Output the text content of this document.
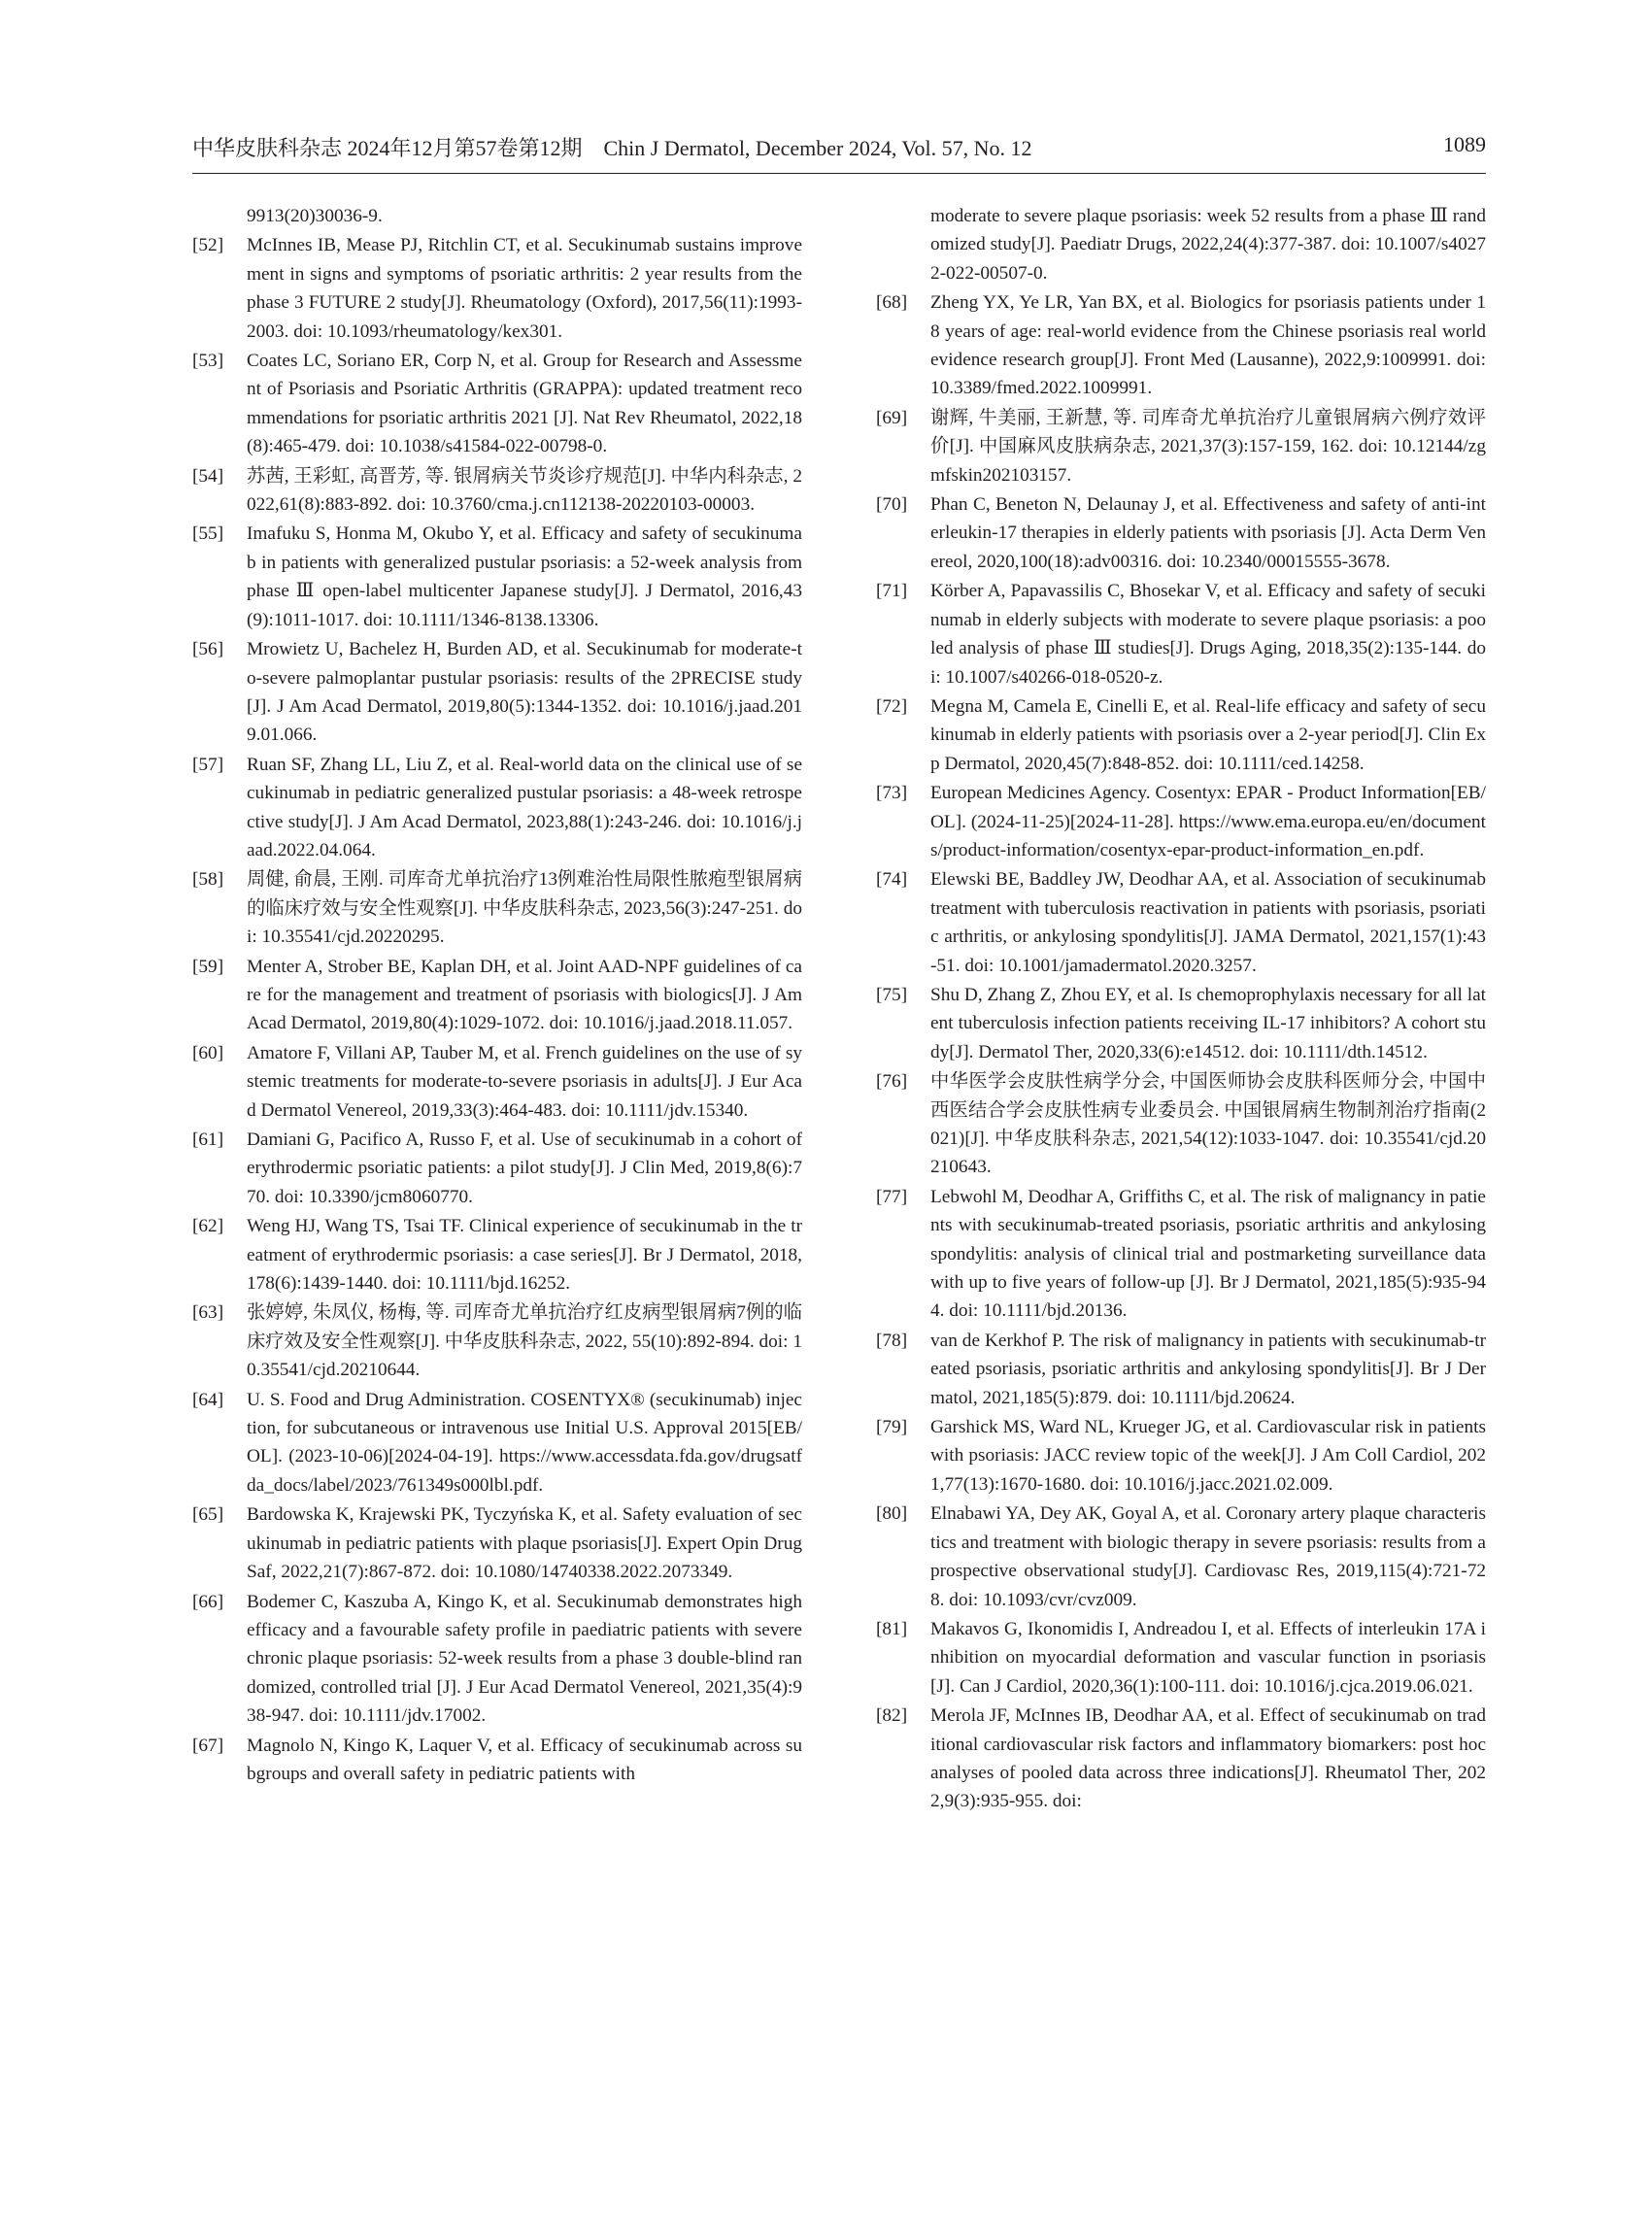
中华皮肤科杂志 2024年12月第57卷第12期　Chin J Dermatol, December 2024, Vol. 57, No. 12	1089
9913(20)30036-9.
[52] McInnes IB, Mease PJ, Ritchlin CT, et al. Secukinumab sustains improvement in signs and symptoms of psoriatic arthritis: 2 year results from the phase 3 FUTURE 2 study[J]. Rheumatology (Oxford), 2017,56(11):1993-2003. doi: 10.1093/rheumatology/kex301.
[53] Coates LC, Soriano ER, Corp N, et al. Group for Research and Assessment of Psoriasis and Psoriatic Arthritis (GRAPPA): updated treatment recommendations for psoriatic arthritis 2021 [J]. Nat Rev Rheumatol, 2022,18(8):465-479. doi: 10.1038/s41584-022-00798-0.
[54] 苏茜, 王彩虹, 高晋芳, 等. 银屑病关节炎诊疗规范[J]. 中华内科杂志, 2022,61(8):883-892. doi: 10.3760/cma.j.cn112138-20220103-00003.
[55] Imafuku S, Honma M, Okubo Y, et al. Efficacy and safety of secukinumab in patients with generalized pustular psoriasis: a 52-week analysis from phase Ⅲ open-label multicenter Japanese study[J]. J Dermatol, 2016,43(9):1011-1017. doi: 10.1111/1346-8138.13306.
[56] Mrowietz U, Bachelez H, Burden AD, et al. Secukinumab for moderate-to-severe palmoplantar pustular psoriasis: results of the 2PRECISE study[J]. J Am Acad Dermatol, 2019,80(5):1344-1352. doi: 10.1016/j.jaad.2019.01.066.
[57] Ruan SF, Zhang LL, Liu Z, et al. Real-world data on the clinical use of secukinumab in pediatric generalized pustular psoriasis: a 48-week retrospective study[J]. J Am Acad Dermatol, 2023,88(1):243-246. doi: 10.1016/j.jaad.2022.04.064.
[58] 周健, 俞晨, 王刚. 司库奇尤单抗治疗13例难治性局限性脓疱型银屑病的临床疗效与安全性观察[J]. 中华皮肤科杂志, 2023,56(3):247-251. doi: 10.35541/cjd.20220295.
[59] Menter A, Strober BE, Kaplan DH, et al. Joint AAD-NPF guidelines of care for the management and treatment of psoriasis with biologics[J]. J Am Acad Dermatol, 2019,80(4):1029-1072. doi: 10.1016/j.jaad.2018.11.057.
[60] Amatore F, Villani AP, Tauber M, et al. French guidelines on the use of systemic treatments for moderate-to-severe psoriasis in adults[J]. J Eur Acad Dermatol Venereol, 2019,33(3):464-483. doi: 10.1111/jdv.15340.
[61] Damiani G, Pacifico A, Russo F, et al. Use of secukinumab in a cohort of erythrodermic psoriatic patients: a pilot study[J]. J Clin Med, 2019,8(6):770. doi: 10.3390/jcm8060770.
[62] Weng HJ, Wang TS, Tsai TF. Clinical experience of secukinumab in the treatment of erythrodermic psoriasis: a case series[J]. Br J Dermatol, 2018,178(6):1439-1440. doi: 10.1111/bjd.16252.
[63] 张婷婷, 朱凤仪, 杨梅, 等. 司库奇尤单抗治疗红皮病型银屑病7例的临床疗效及安全性观察[J]. 中华皮肤科杂志, 2022, 55(10):892-894. doi: 10.35541/cjd.20210644.
[64] U. S. Food and Drug Administration. COSENTYX® (secukinumab) injection, for subcutaneous or intravenous use Initial U.S. Approval 2015[EB/OL]. (2023-10-06)[2024-04-19]. https://www.accessdata.fda.gov/drugsatfda_docs/label/2023/761349s000lbl.pdf.
[65] Bardowska K, Krajewski PK, Tyczyńska K, et al. Safety evaluation of secukinumab in pediatric patients with plaque psoriasis[J]. Expert Opin Drug Saf, 2022,21(7):867-872. doi: 10.1080/14740338.2022.2073349.
[66] Bodemer C, Kaszuba A, Kingo K, et al. Secukinumab demonstrates high efficacy and a favourable safety profile in paediatric patients with severe chronic plaque psoriasis: 52-week results from a phase 3 double-blind randomized, controlled trial [J]. J Eur Acad Dermatol Venereol, 2021,35(4):938-947. doi: 10.1111/jdv.17002.
[67] Magnolo N, Kingo K, Laquer V, et al. Efficacy of secukinumab across subgroups and overall safety in pediatric patients with
moderate to severe plaque psoriasis: week 52 results from a phase Ⅲ randomized study[J]. Paediatr Drugs, 2022,24(4):377-387. doi: 10.1007/s40272-022-00507-0.
[68] Zheng YX, Ye LR, Yan BX, et al. Biologics for psoriasis patients under 18 years of age: real-world evidence from the Chinese psoriasis real world evidence research group[J]. Front Med (Lausanne), 2022,9:1009991. doi: 10.3389/fmed.2022.1009991.
[69] 谢辉, 牛美丽, 王新慧, 等. 司库奇尤单抗治疗儿童银屑病六例疗效评价[J]. 中国麻风皮肤病杂志, 2021,37(3):157-159, 162. doi: 10.12144/zgmfskin202103157.
[70] Phan C, Beneton N, Delaunay J, et al. Effectiveness and safety of anti-interleukin-17 therapies in elderly patients with psoriasis [J]. Acta Derm Venereol, 2020,100(18):adv00316. doi: 10.2340/00015555-3678.
[71] Körber A, Papavassilis C, Bhosekar V, et al. Efficacy and safety of secukinumab in elderly subjects with moderate to severe plaque psoriasis: a pooled analysis of phase Ⅲ studies[J]. Drugs Aging, 2018,35(2):135-144. doi: 10.1007/s40266-018-0520-z.
[72] Megna M, Camela E, Cinelli E, et al. Real-life efficacy and safety of secukinumab in elderly patients with psoriasis over a 2-year period[J]. Clin Exp Dermatol, 2020,45(7):848-852. doi: 10.1111/ced.14258.
[73] European Medicines Agency. Cosentyx: EPAR - Product Information[EB/OL]. (2024-11-25)[2024-11-28]. https://www.ema.europa.eu/en/documents/product-information/cosentyx-epar-product-information_en.pdf.
[74] Elewski BE, Baddley JW, Deodhar AA, et al. Association of secukinumab treatment with tuberculosis reactivation in patients with psoriasis, psoriatic arthritis, or ankylosing spondylitis[J]. JAMA Dermatol, 2021,157(1):43-51. doi: 10.1001/jamadermatol.2020.3257.
[75] Shu D, Zhang Z, Zhou EY, et al. Is chemoprophylaxis necessary for all latent tuberculosis infection patients receiving IL-17 inhibitors? A cohort study[J]. Dermatol Ther, 2020,33(6):e14512. doi: 10.1111/dth.14512.
[76] 中华医学会皮肤性病学分会, 中国医师协会皮肤科医师分会, 中国中西医结合学会皮肤性病专业委员会. 中国银屑病生物制剂治疗指南(2021)[J]. 中华皮肤科杂志, 2021,54(12):1033-1047. doi: 10.35541/cjd.20210643.
[77] Lebwohl M, Deodhar A, Griffiths C, et al. The risk of malignancy in patients with secukinumab-treated psoriasis, psoriatic arthritis and ankylosing spondylitis: analysis of clinical trial and postmarketing surveillance data with up to five years of follow-up [J]. Br J Dermatol, 2021,185(5):935-944. doi: 10.1111/bjd.20136.
[78] van de Kerkhof P. The risk of malignancy in patients with secukinumab-treated psoriasis, psoriatic arthritis and ankylosing spondylitis[J]. Br J Dermatol, 2021,185(5):879. doi: 10.1111/bjd.20624.
[79] Garshick MS, Ward NL, Krueger JG, et al. Cardiovascular risk in patients with psoriasis: JACC review topic of the week[J]. J Am Coll Cardiol, 2021,77(13):1670-1680. doi: 10.1016/j.jacc.2021.02.009.
[80] Elnabawi YA, Dey AK, Goyal A, et al. Coronary artery plaque characteristics and treatment with biologic therapy in severe psoriasis: results from a prospective observational study[J]. Cardiovasc Res, 2019,115(4):721-728. doi: 10.1093/cvr/cvz009.
[81] Makavos G, Ikonomidis I, Andreadou I, et al. Effects of interleukin 17A inhibition on myocardial deformation and vascular function in psoriasis[J]. Can J Cardiol, 2020,36(1):100-111. doi: 10.1016/j.cjca.2019.06.021.
[82] Merola JF, McInnes IB, Deodhar AA, et al. Effect of secukinumab on traditional cardiovascular risk factors and inflammatory biomarkers: post hoc analyses of pooled data across three indications[J]. Rheumatol Ther, 2022,9(3):935-955. doi:
